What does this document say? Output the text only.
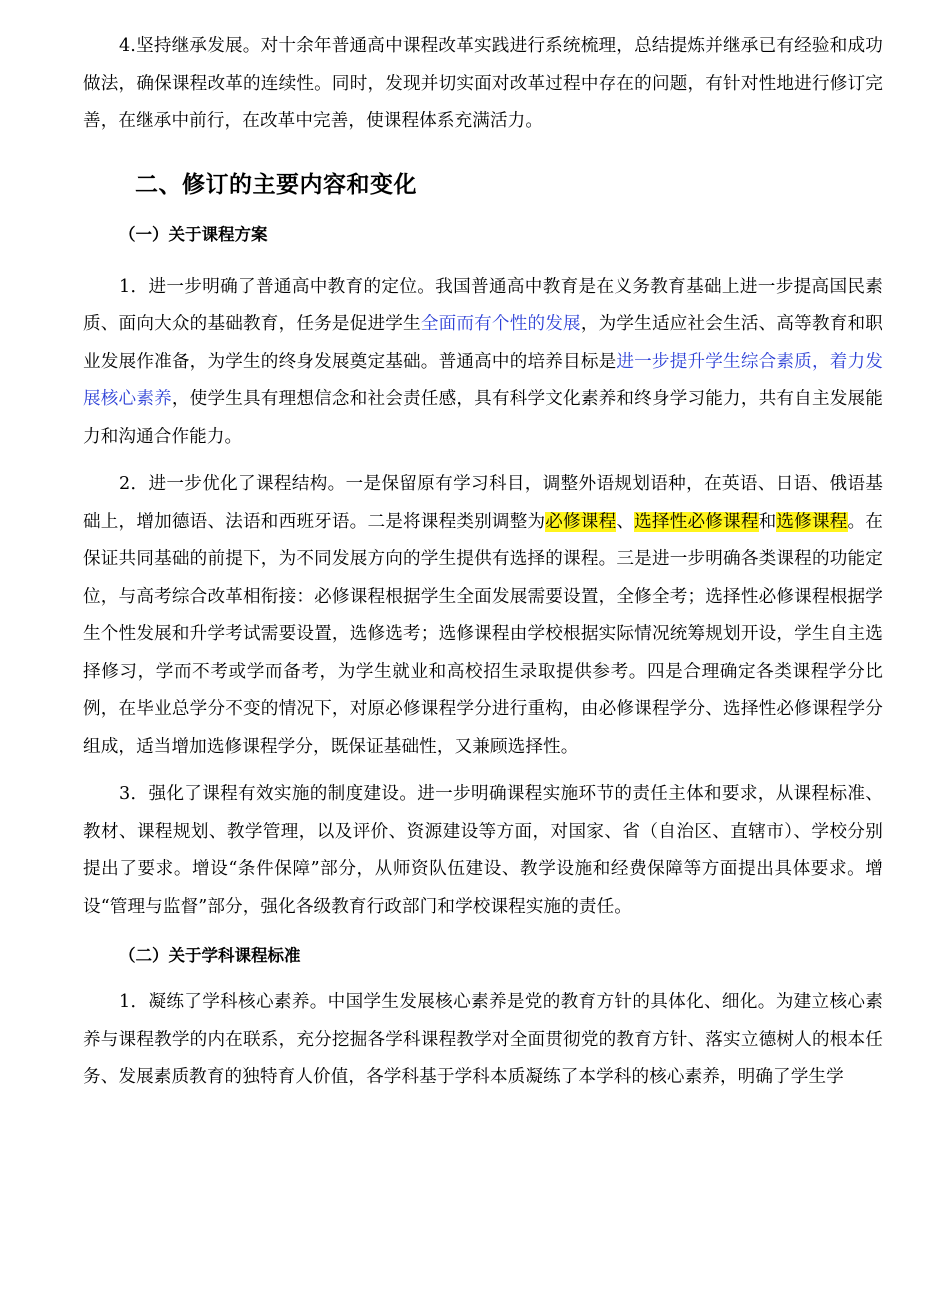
4.坚持继承发展。对十余年普通高中课程改革实践进行系统梳理，总结提炼并继承已有经验和成功做法，确保课程改革的连续性。同时，发现并切实面对改革过程中存在的问题，有针对性地进行修订完善，在继承中前行，在改革中完善，使课程体系充满活力。

二、修订的主要内容和变化
（一）关于课程方案

1．进一步明确了普通高中教育的定位。我国普通高中教育是在义务教育基础上进一步提高国民素质、面向大众的基础教育，任务是促进学生全面而有个性的发展，为学生适应社会生活、高等教育和职业发展作准备，为学生的终身发展奠定基础。普通高中的培养目标是进一步提升学生综合素质，着力发展核心素养，使学生具有理想信念和社会责任感，具有科学文化素养和终身学习能力，共有自主发展能力和沟通合作能力。

2．进一步优化了课程结构。一是保留原有学习科目，调整外语规划语种，在英语、日语、俄语基础上，增加德语、法语和西班牙语。二是将课程类别调整为必修课程、选择性必修课程和选修课程。在保证共同基础的前提下，为不同发展方向的学生提供有选择的课程。三是进一步明确各类课程的功能定位，与高考综合改革相衔接：必修课程根据学生全面发展需要设置，全修全考；选择性必修课程根据学生个性发展和升学考试需要设置，选修选考；选修课程由学校根据实际情况统筹规划开设，学生自主选择修习，学而不考或学而备考，为学生就业和高校招生录取提供参考。四是合理确定各类课程学分比例，在毕业总学分不变的情况下，对原必修课程学分进行重构，由必修课程学分、选择性必修课程学分组成，适当增加选修课程学分，既保证基础性，又兼顾选择性。

3．强化了课程有效实施的制度建设。进一步明确课程实施环节的责任主体和要求，从课程标准、教材、课程规划、教学管理，以及评价、资源建设等方面，对国家、省（自治区、直辖市）、学校分别提出了要求。增设“条件保障”部分，从师资队伍建设、教学设施和经费保障等方面提出具体要求。增设“管理与监督”部分，强化各级教育行政部门和学校课程实施的责任。

（二）关于学科课程标准

1．凝练了学科核心素养。中国学生发展核心素养是党的教育方针的具体化、细化。为建立核心素养与课程教学的内在联系，充分挖掘各学科课程教学对全面贯彻党的教育方针、落实立德树人的根本任务、发展素质教育的独特育人价值，各学科基于学科本质凝练了本学科的核心素养，明确了学生学
